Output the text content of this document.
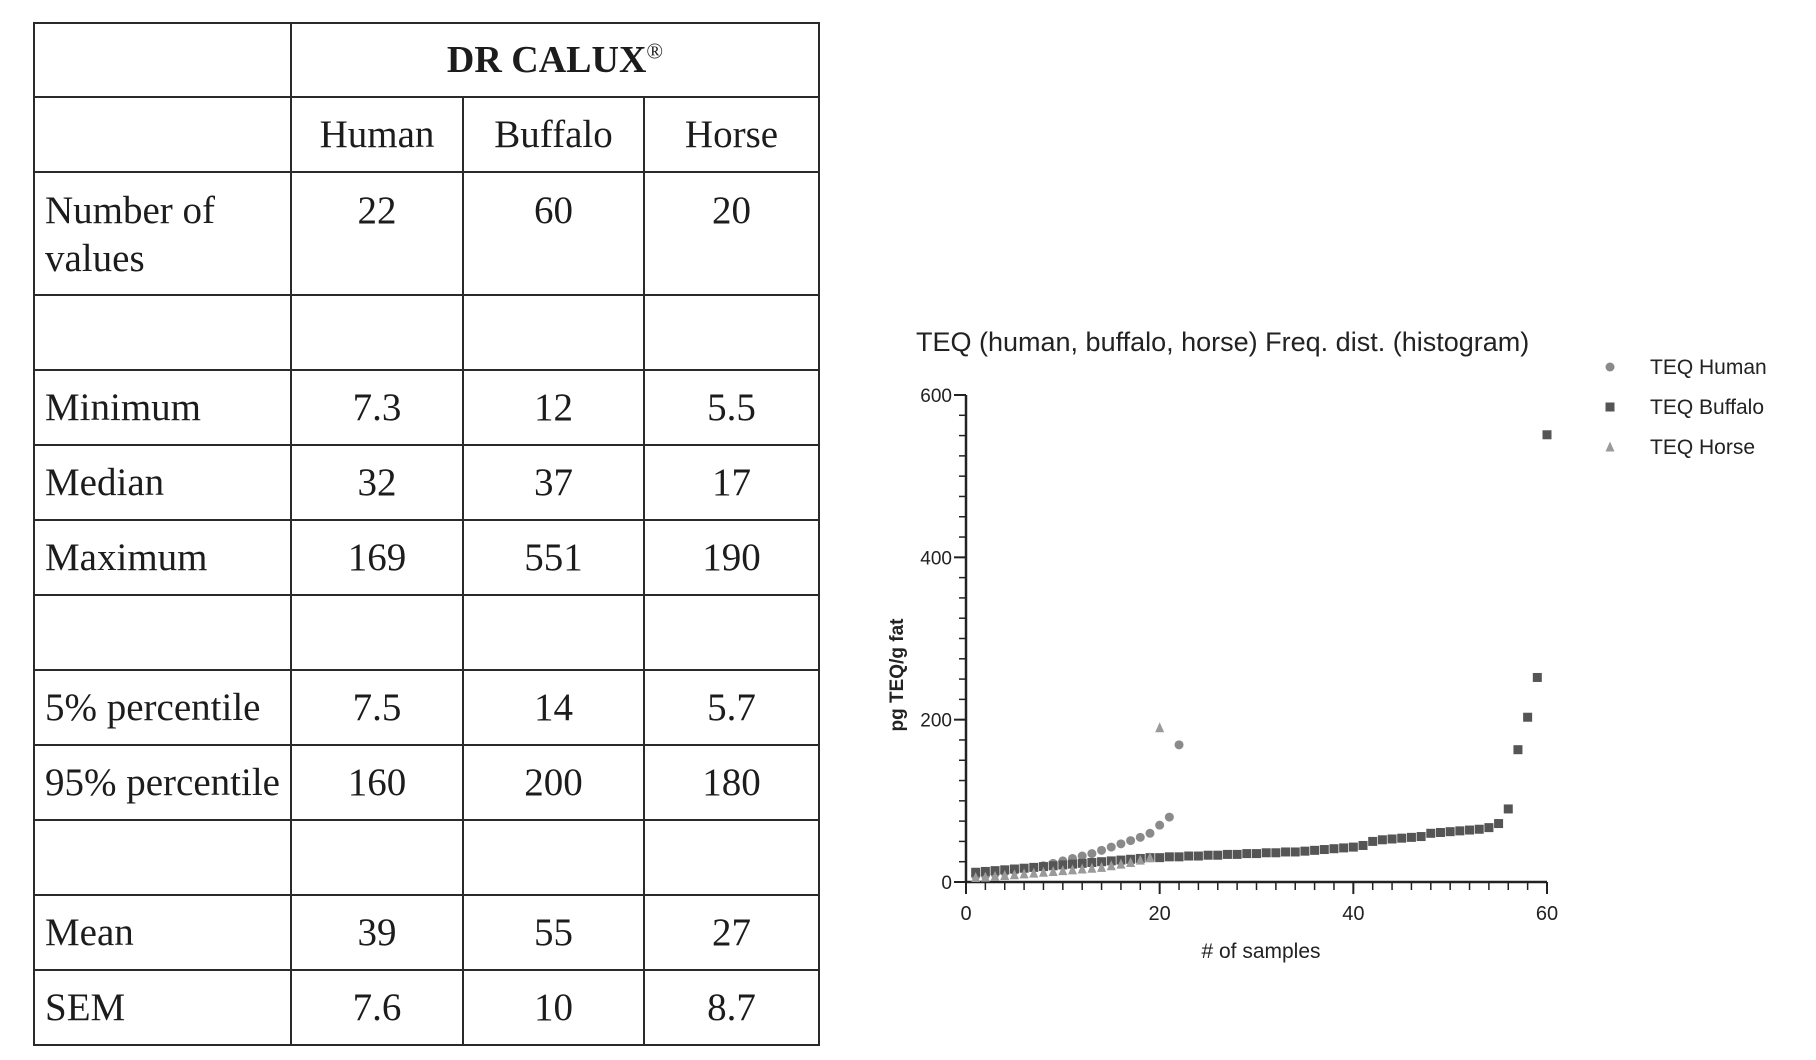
	DR CALUX®
	Human	Buffalo	Horse
Number of values	22	60	20

Minimum	7.3	12	5.5
Median	32	37	17
Maximum	169	551	190

5% percentile	7.5	14	5.7
95% percentile	160	200	180

Mean	39	55	27
SEM	7.6	10	8.7
TEQ (human, buffalo, horse) Freq. dist. (histogram)
pg TEQ/g fat
# of samples
0	20	40	60
0
200
400
600
TEQ Human
TEQ Buffalo
TEQ Horse
